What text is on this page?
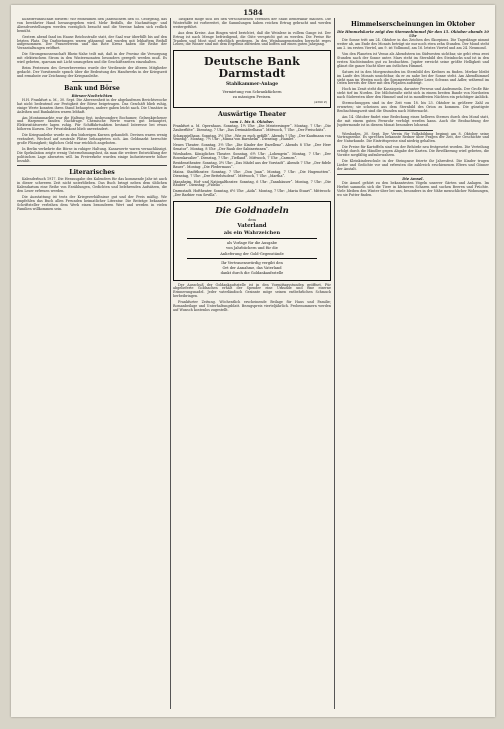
1584

Kunstfreundschaft fordern! Wir entnehmen den Jahrbüchern den St. Georgstag, das von bewährter Hand herausgegeben wird. Mehr Beifalls, die Nachmittags- und Abendvorstellungen werden vorzüglich besucht und die Vereine haben sich redlich bemüht.

Gestern abend fand im Hause Reichsstraße statt, der Saal war überfüllt bis auf den letzten Platz. Die Darbietungen waren glänzend und wurden mit lebhaftem Beifall aufgenommen. Der Frauenverein und das Rote Kreuz haben die Reihe der Veranstaltungen eröffnet.

Die Stromgenossenschaft Rhein-Nahe teilt mit, daß in der Provinz die Versorgung mit elektrischem Strom in den Wintermonaten besonders geregelt werden muß. Es wird gebeten, sparsam mit Licht umzugehen und die Geschäftszeiten einzuhalten.

Beim Festessen des Gewerbevereins wurde der Verdienste der älteren Mitglieder gedacht. Der Vorsitzende sprach über die Bedeutung des Handwerks in der Kriegszeit und ermahnte zur Zeichnung der Kriegsanleihe.

Bank und Börse
Börsen-Nachrichten

H.H. Frankfurt a. M., 30. Sept. Die Abwesenheit in der abgelaufenen Berichtswoche hat nicht bedeutend zur Festigkeit der Börse beigetragen. Das Geschäft blieb ruhig, einige Werte konnten ihren Stand behaupten, andere gaben leicht nach. Die Umsätze in Anleihen und Bankaktien waren lebhaft.

Am Montanmarkte war die Haltung fest, insbesondere Bochumer, Gelsenkirchener und Harpener fanden Nachfrage. Chemische Werte waren gut behauptet, Elektrizitätswerte lagen ruhig. Für Schiffahrtsaktien bestand Interesse bei etwas höheren Kursen. Der Privatdiskont blieb unverändert.

Die Kriegsanleihe wurde zu den bisherigen Kursen gehandelt. Devisen waren wenig verändert, Wechsel auf neutrale Plätze behaupteten sich. Am Geldmarkt herrschte große Flüssigkeit; tägliches Geld war reichlich angeboten.

In Berlin verkehrte die Börse in ruhiger Haltung. Kassawerte waren vernachlässigt. Die Spekulation zeigte wenig Unternehmungslust, da man die weitere Entwicklung der politischen Lage abwarten will. Im Freiverkehr wurden einige Industriewerte höher bezahlt.

Literarisches

Kalenderbuch 1917. Die Herausgabe des Kalenders für das kommende Jahr ist auch in dieser schweren Zeit nicht unterblieben. Das Buch bringt neben dem üblichen Kalendarium eine Reihe von Erzählungen, Gedichten und belehrenden Aufsätzen, die den Leser erfreuen werden.

Die Ausstattung ist trotz der Kriegsverhältnisse gut und der Preis mäßig. Wir empfehlen das Buch allen Freunden heimatlicher Literatur. Die Beiträge bekannter Schriftsteller verleihen dem Werk einen besonderen Wert und werden in vielen Familien willkommen sein.

Tätigkeit möge sich bei den verschiedenen Vereinen der Stadt bemerkbar machen. Die Winterhilfe ist vorbereitet, die Sammlungen haben reichen Ertrag gebracht und werden weitergeführt.

Aus dem Kreise. Aus Bingen wird berichtet, daß die Weinlese in vollem Gange ist. Der Ertrag ist nach Menge befriedigend, die Güte verspricht gut zu werden. Die Preise für Trauben und Most sind erheblich gestiegen. In den Weinbaugemeinden herrscht reges Leben; die Winzer sind mit dem Ergebnis zufrieden und hoffen auf einen guten Jahrgang.

Deutsche Bank Darmstadt
Stahlkammer-Anlage
Vermietung von Schrankfächern
zu mässigen Preisen.
(4390 Z)
Auswärtige Theater
vom 1. bis 8. Oktober.
Frankfurt a. M. Opernhaus. Sonntag, 1½ Uhr: „Die Meistersinger“. Montag, 7 Uhr: „Die Zauberflöte“. Dienstag, 7 Uhr: „Das Dreimäderlhaus“. Mittwoch, 7 Uhr: „Der Freischütz“.
Schauspielhaus. Sonntag, 3½ Uhr: „Wie es euch gefällt“. Abends 7 Uhr: „Der Kaufmann von Venedig“. Montag, 7½ Uhr: „Minna von Barnhelm“. Dienstag: „Hamlet“.
Neues Theater. Sonntag, 3½ Uhr: „Die Kinder der Exzellenz“. Abends 8 Uhr: „Der Herr Senator“. Montag, 8 Uhr: „Der Raub der Sabinerinnen“.
Wiesbaden. Königliches Theater. Sonntag, 6½ Uhr: „Lohengrin“. Montag, 7 Uhr: „Der Rosenkavalier“. Dienstag, 7 Uhr: „Tiefland“. Mittwoch, 7 Uhr: „Carmen“.
Residenztheater. Sonntag, 3½ Uhr: „Das Mädel aus der Vorstadt“. Abends 7 Uhr: „Der fidele Bauer“. Montag: „Die Fledermaus“.
Mainz. Stadttheater. Sonntag, 7 Uhr: „Don Juan“. Montag, 7 Uhr: „Die Hugenotten“. Dienstag, 7 Uhr: „Der Bettelstudent“. Mittwoch, 7 Uhr: „Martha“.
Mannheim. Hof- und Nationaltheater. Sonntag, 6 Uhr: „Tannhäuser“. Montag, 7 Uhr: „Die Räuber“. Dienstag: „Fidelio“.
Darmstadt. Hoftheater. Sonntag, 6½ Uhr: „Aida“. Montag, 7 Uhr: „Maria Stuart“. Mittwoch: „Der Barbier von Sevilla“.
Die Goldnadeln
dem
Vaterland
als ein Wahrzeichen
als Vorlage für die Ausgabe
von Jahrbüchern und für die
Anlieferung der Gold-Gegenstände
Ihr Vertrauenswürdig vergibt den
Ort der Annahme, das Vaterland
dankt durch die Goldankaufsstelle

Der Ausschuß der Goldankaufsstelle ist in den Vormittagsstunden geöffnet. Für abgelieferte Goldsachen erhält der Spender eine Urkunde und eine eiserne Erinnerungsnadel. Jeder vaterländisch Gesinnte möge seinen entbehrlichen Schmuck herbeibringen.

Frankfurter Zeitung. Wöchentlich erscheinende Beilage für Haus und Familie; Romanbeilage und Unterhaltungsblatt. Bezugspreis vierteljährlich. Probenummern werden auf Wunsch kostenlos zugestellt.

Himmelserscheinungen im Oktober
Die Himmelskarte zeigt den Sternenhimmel für den 15. Oktober abends 10 Uhr

Die Sonne tritt am 24. Oktober in das Zeichen des Skorpions. Die Tageslänge nimmt weiter ab, am Ende des Monats beträgt sie nur noch etwa zehn Stunden. Der Mond steht am 2. im ersten Viertel, am 9. ist Vollmond, am 16. letztes Viertel und am 24. Neumond.

Von den Planeten ist Venus als Abendstern im Südwesten sichtbar, sie geht etwa zwei Stunden nach der Sonne unter. Mars steht im Sternbild des Steinbocks und ist in den ersten Nachtstunden gut zu beobachten. Jupiter erreicht seine größte Helligkeit und glänzt die ganze Nacht über am östlichen Himmel.

Saturn ist in den Morgenstunden im Sternbild des Krebses zu finden. Merkur bleibt im Laufe des Monats unsichtbar, da er zu nahe bei der Sonne steht. Am Abendhimmel sieht man im Westen noch die Sommersternbilder Leier, Schwan und Adler, während im Osten bereits der Stier mit den Plejaden aufsteigt.

Hoch im Zenit steht die Kassiopeia, darunter Perseus und Andromeda. Der Große Bär steht tief im Norden. Die Milchstraße zieht sich in einem breiten Bande von Nordosten nach Südwesten über den Himmel und ist in mondfreien Nächten ein prächtiger Anblick.

Sternschnuppen sind in der Zeit vom 18. bis 23. Oktober in größerer Zahl zu erwarten; sie scheinen aus dem Sternbild des Orion zu kommen. Die günstigste Beobachtungszeit sind die Stunden nach Mitternacht.

Am 14. Oktober findet eine Bedeckung eines helleren Sternes durch den Mond statt, die mit einem guten Fernrohr verfolgt werden kann. Auch die Beobachtung der Jupitermonde ist in diesem Monat besonders lohnend.

Wiesbaden, 30. Sept. Der Verein für Volksbildung beginnt am 8. Oktober seine Vortragsreihe. Es sprechen bekannte Redner über Fragen der Zeit, der Geschichte und der Naturkunde. Die Eintrittspreise sind niedrig gehalten.

Die Preise für Kartoffeln sind von der Behörde neu festgesetzt worden. Die Verteilung erfolgt durch die Händler gegen Abgabe der Karten. Die Bevölkerung wird gebeten, die Vorräte sorgfältig aufzubewahren.

Die Kleinkinderschule in der Steingasse feierte ihr Jahresfest. Die Kinder trugen Lieder und Gedichte vor und erfreuten die zahlreich erschienenen Eltern und Gönner der Anstalt.

Die Amsel.

Die Amsel gehört zu den bekanntesten Vögeln unserer Gärten und Anlagen. Im Herbst sammeln sich die Tiere in kleineren Scharen und suchen Beeren und Früchte. Viele bleiben den Winter über bei uns, besonders in der Nähe menschlicher Wohnungen, wo sie Futter finden.
